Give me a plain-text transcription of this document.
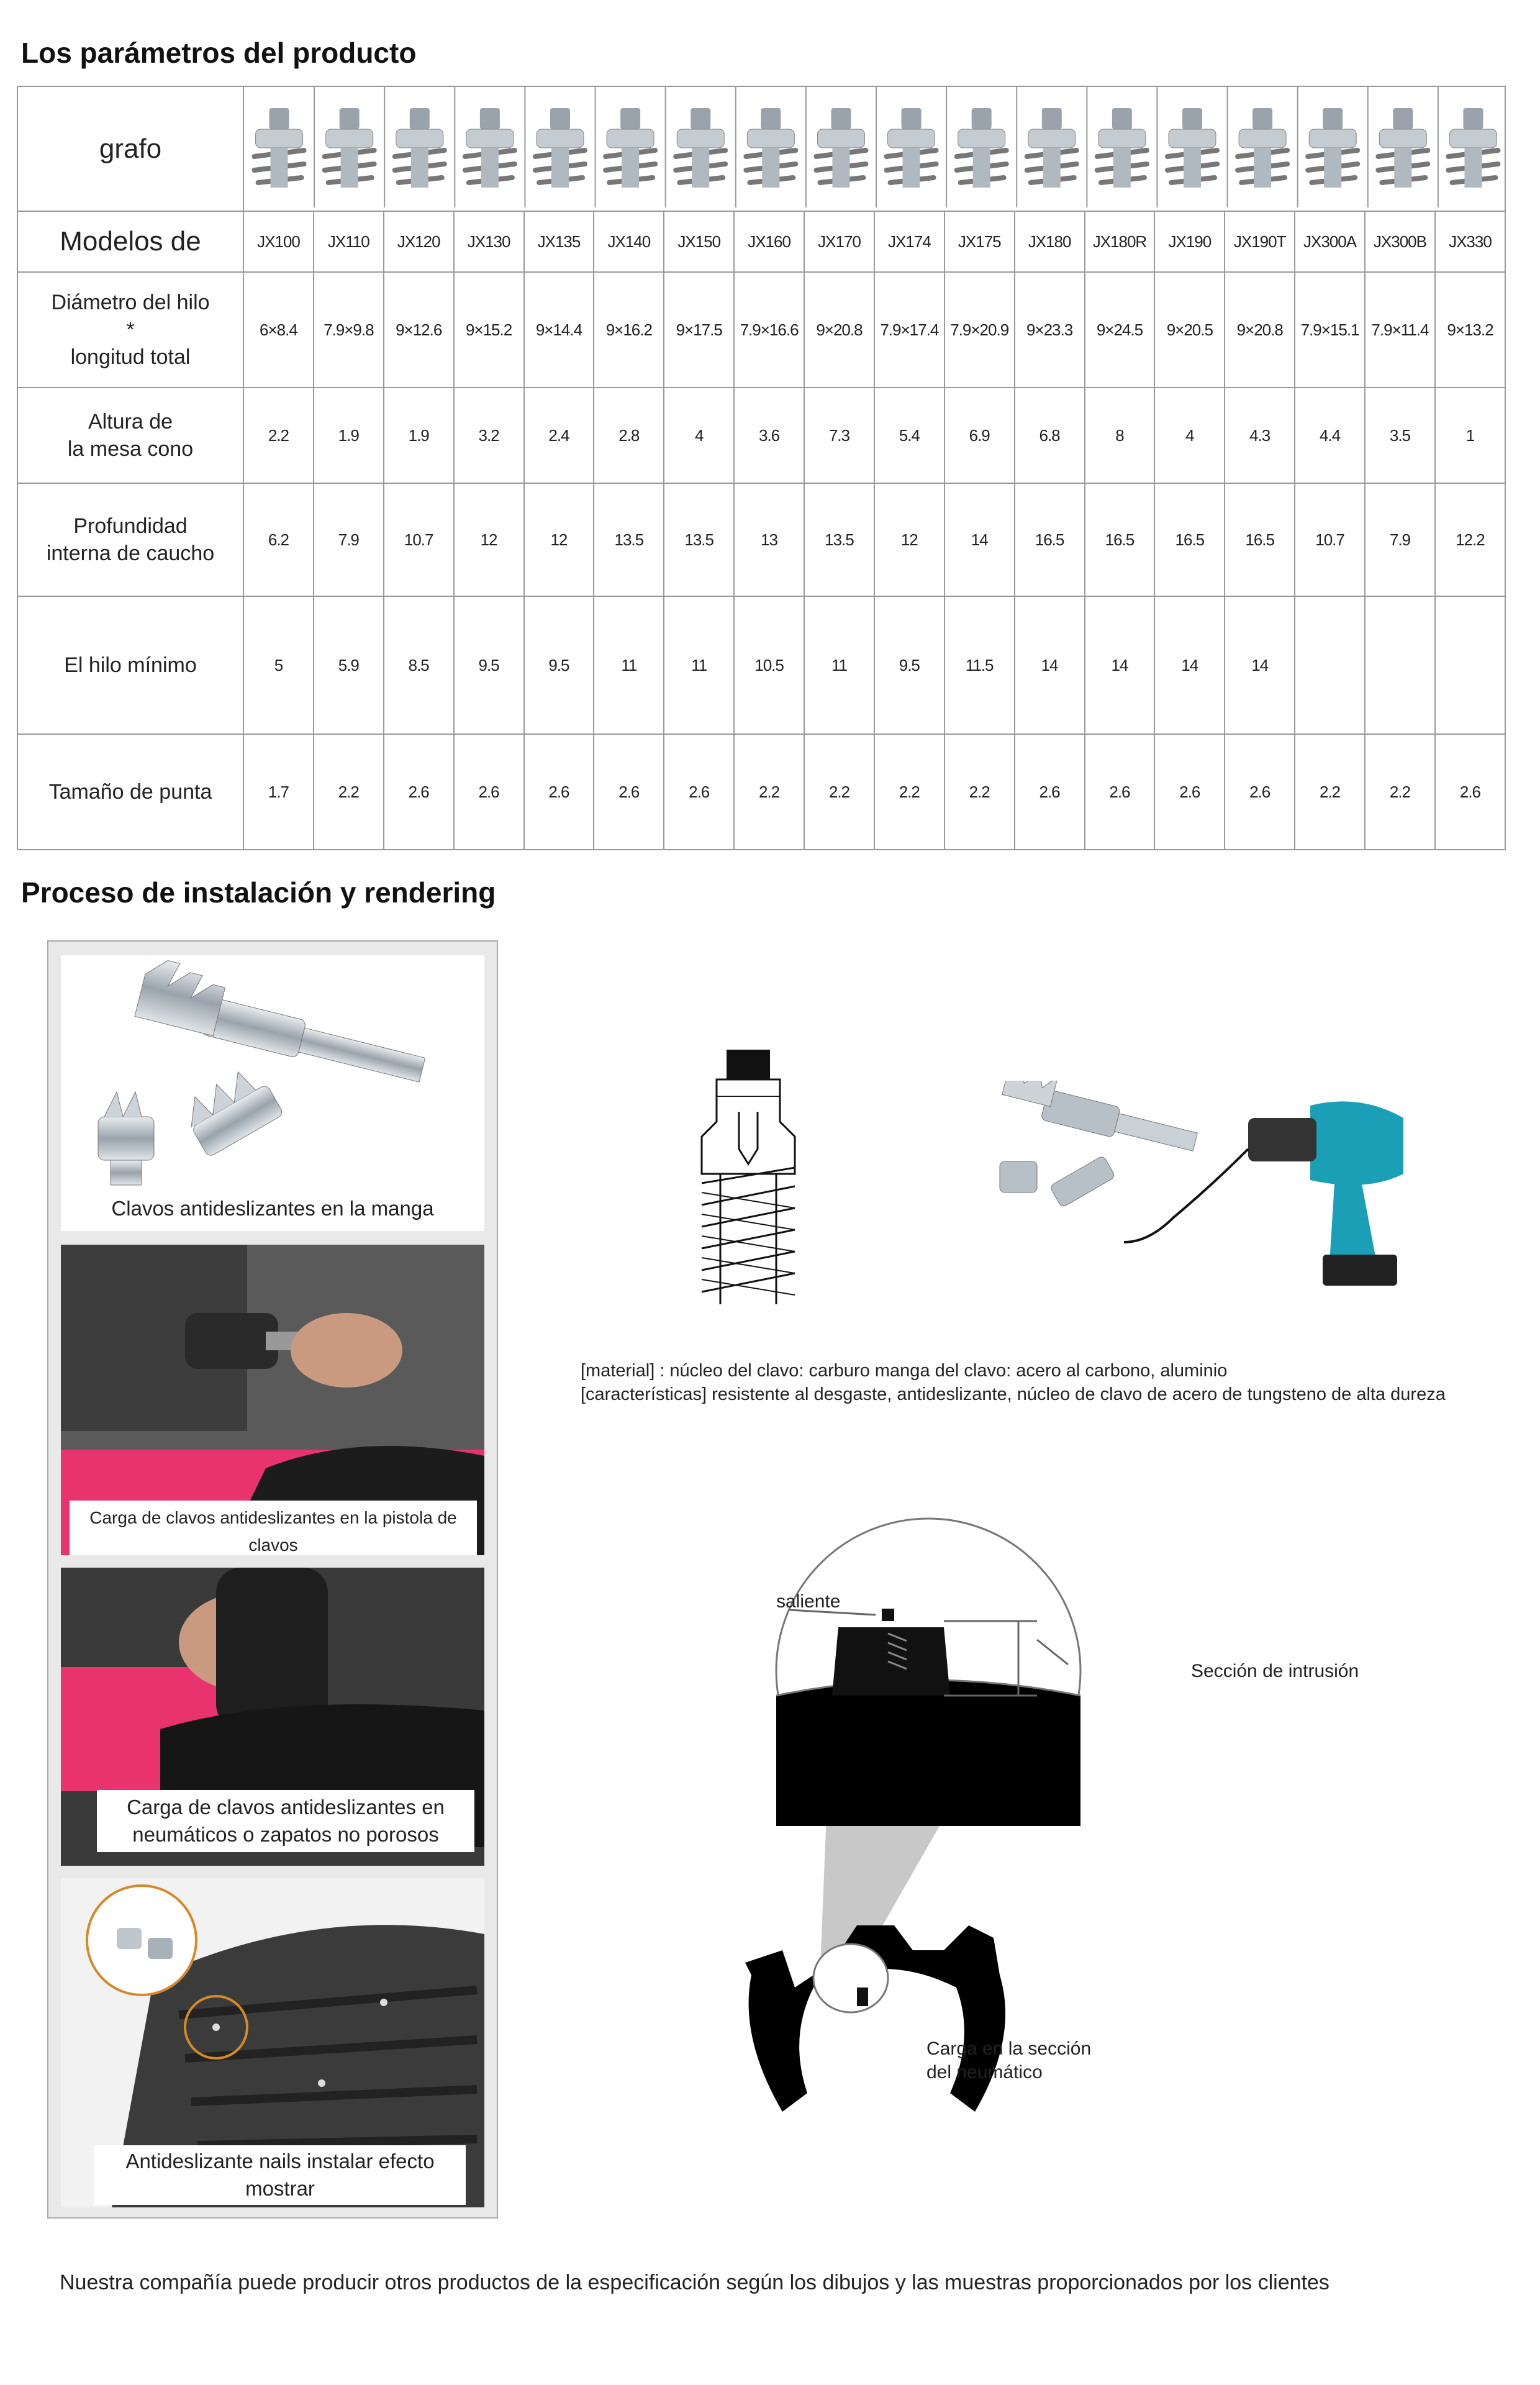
Los parámetros del producto
grafo	
Modelos de	JX100	JX110	JX120	JX130	JX135	JX140	JX150	JX160	JX170	JX174	JX175	JX180	JX180R	JX190	JX190T	JX300A	JX300B	JX330

Diámetro del hilo
*
longitud total	6×8.4	7.9×9.8	9×12.6	9×15.2	9×14.4	9×16.2	9×17.5	7.9×16.6	9×20.8	7.9×17.4	7.9×20.9	9×23.3	9×24.5	9×20.5	9×20.8	7.9×15.1	7.9×11.4	9×13.2

Altura de
la mesa cono	2.2	1.9	1.9	3.2	2.4	2.8	4	3.6	7.3	5.4	6.9	6.8	8	4	4.3	4.4	3.5	1

Profundidad
interna de caucho	6.2	7.9	10.7	12	12	13.5	13.5	13	13.5	12	14	16.5	16.5	16.5	16.5	10.7	7.9	12.2
El hilo mínimo	5	5.9	8.5	9.5	9.5	11	11	10.5	11	9.5	11.5	14	14	14	14			
Tamaño de punta	1.7	2.2	2.6	2.6	2.6	2.6	2.6	2.2	2.2	2.2	2.2	2.6	2.6	2.6	2.6	2.2	2.2	2.6
Proceso de instalación y rendering
Clavos antideslizantes en la manga
Carga de clavos antideslizantes en la pistola de clavos
Carga de clavos antideslizantes en
neumáticos o zapatos no porosos
Antideslizante nails instalar efecto mostrar
[material] : núcleo del clavo: carburo manga del clavo: acero al carbono, aluminio
[características] resistente al desgaste, antideslizante, núcleo de clavo de acero de tungsteno de alta dureza
saliente
Sección de intrusión
Carga en la sección
del neumático
Nuestra compañía puede producir otros productos de la especificación según los dibujos y las muestras proporcionados por los clientes
